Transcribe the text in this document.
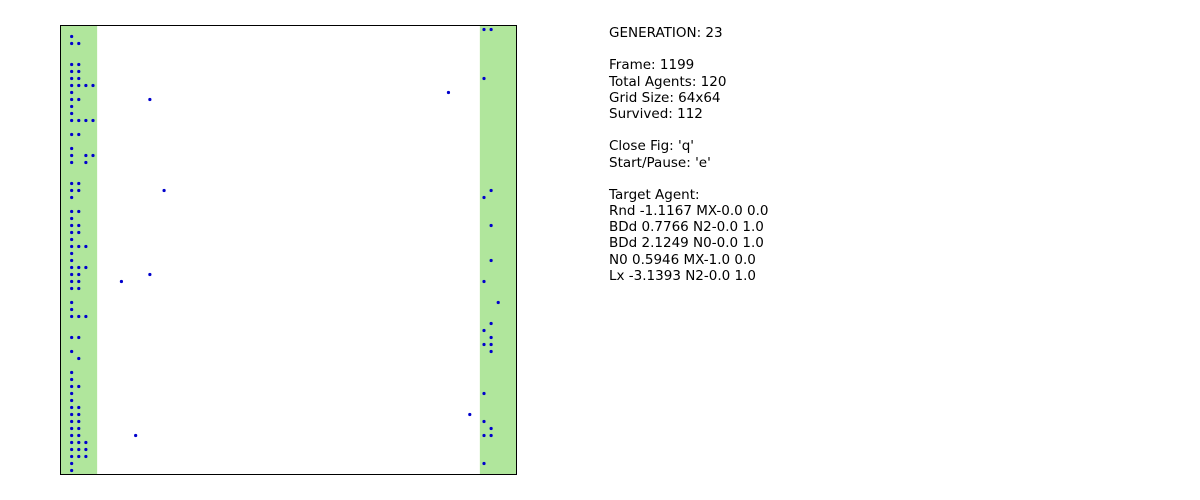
GENERATION: 23
Frame: 1199
Total Agents: 120
Grid Size: 64x64
Survived: 112
Close Fig: 'q'
Start/Pause: 'e'
Target Agent:
Rnd -1.1167 MX-0.0 0.0
BDd 0.7766 N2-0.0 1.0
BDd 2.1249 N0-0.0 1.0
N0 0.5946 MX-1.0 0.0
Lx -3.1393 N2-0.0 1.0
